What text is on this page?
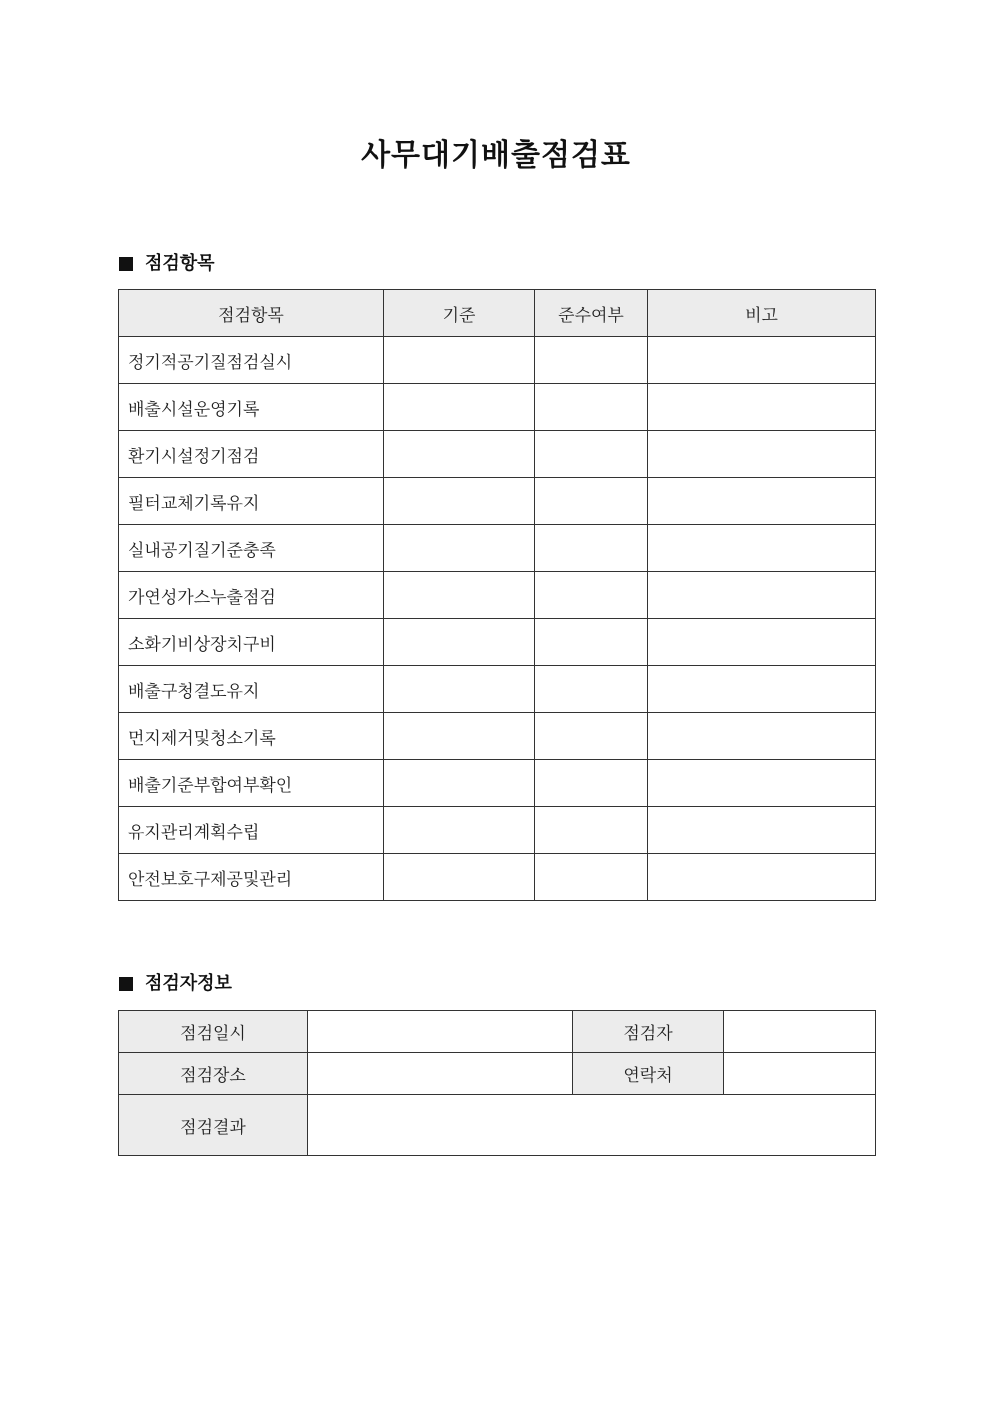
사무대기배출점검표
점검항목
점검항목	기준	준수여부	비고
정기적공기질점검실시			
배출시설운영기록			
환기시설정기점검			
필터교체기록유지			
실내공기질기준충족			
가연성가스누출점검			
소화기비상장치구비			
배출구청결도유지			
먼지제거및청소기록			
배출기준부합여부확인			
유지관리계획수립			
안전보호구제공및관리			
점검자정보
점검일시		점검자	
점검장소		연락처	
점검결과			
